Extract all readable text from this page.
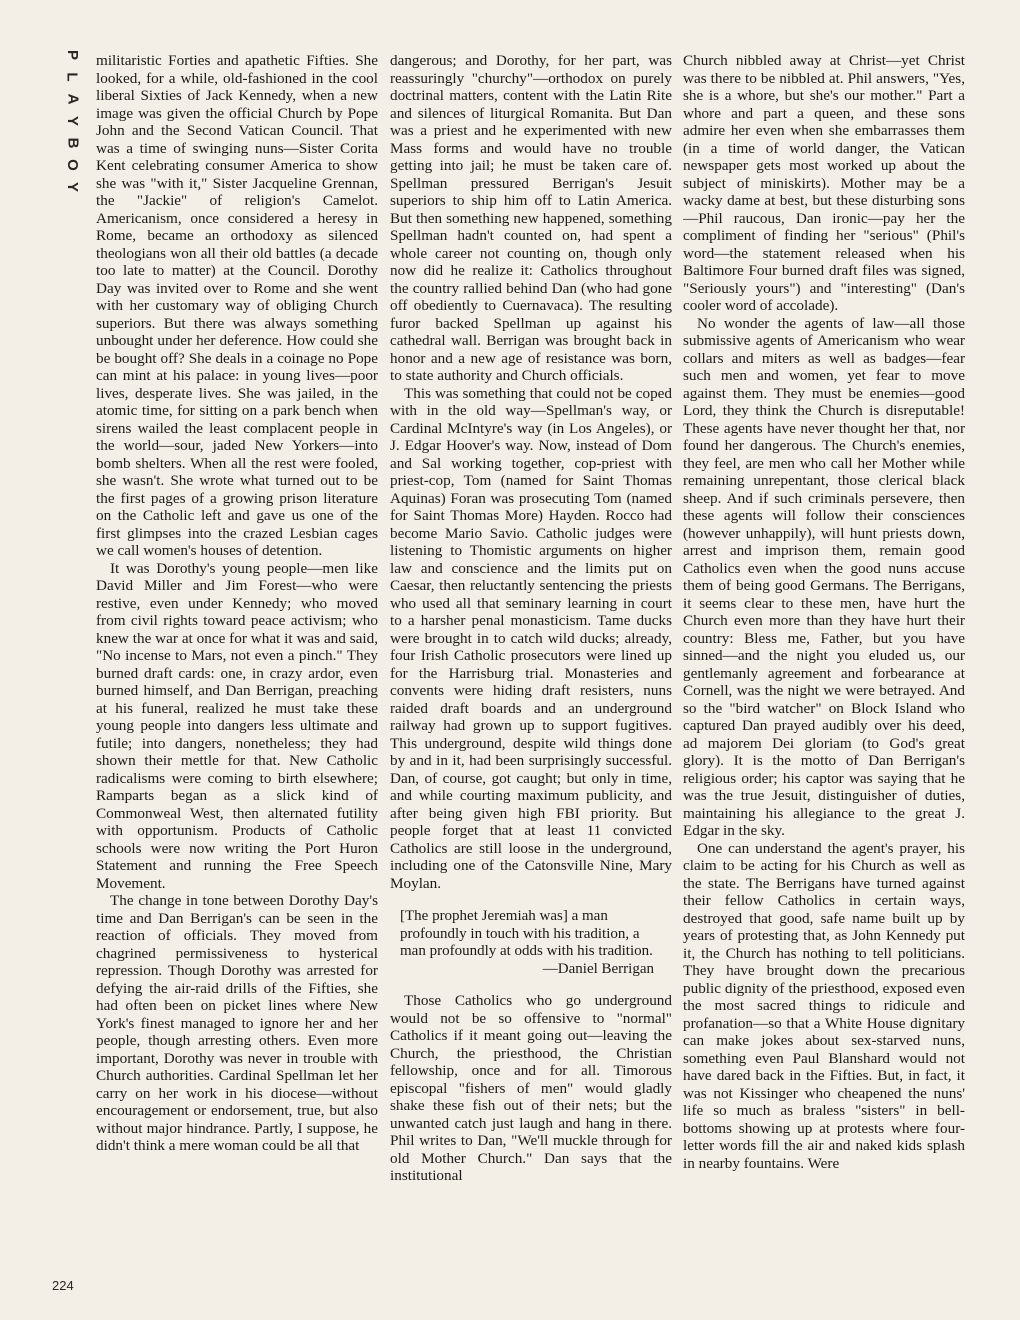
P
L
A
Y
B
O
Y
224

militaristic Forties and apathetic Fifties. She looked, for a while, old-fashioned in the cool liberal Sixties of Jack Kennedy, when a new image was given the official Church by Pope John and the Second Vatican Council. That was a time of swinging nuns—Sister Corita Kent celebrating consumer America to show she was "with it," Sister Jacqueline Grennan, the "Jackie" of religion's Camelot. Americanism, once considered a heresy in Rome, became an orthodoxy as silenced theologians won all their old battles (a decade too late to matter) at the Council. Dorothy Day was invited over to Rome and she went with her customary way of obliging Church superiors. But there was always something unbought under her deference. How could she be bought off? She deals in a coinage no Pope can mint at his palace: in young lives—poor lives, desperate lives. She was jailed, in the atomic time, for sitting on a park bench when sirens wailed the least complacent people in the world—sour, jaded New Yorkers—into bomb shelters. When all the rest were fooled, she wasn't. She wrote what turned out to be the first pages of a growing prison literature on the Catholic left and gave us one of the first glimpses into the crazed Lesbian cages we call women's houses of detention.

It was Dorothy's young people—men like David Miller and Jim Forest—who were restive, even under Kennedy; who moved from civil rights toward peace activism; who knew the war at once for what it was and said, "No incense to Mars, not even a pinch." They burned draft cards: one, in crazy ardor, even burned himself, and Dan Berrigan, preaching at his funeral, realized he must take these young people into dangers less ultimate and futile; into dangers, nonetheless; they had shown their mettle for that. New Catholic radicalisms were coming to birth elsewhere; Ramparts began as a slick kind of Commonweal West, then alternated futility with opportunism. Products of Catholic schools were now writing the Port Huron Statement and running the Free Speech Movement.

The change in tone between Dorothy Day's time and Dan Berrigan's can be seen in the reaction of officials. They moved from chagrined permissiveness to hysterical repression. Though Dorothy was arrested for defying the air-raid drills of the Fifties, she had often been on picket lines where New York's finest managed to ignore her and her people, though arresting others. Even more important, Dorothy was never in trouble with Church authorities. Cardinal Spellman let her carry on her work in his diocese—without encouragement or endorsement, true, but also without major hindrance. Partly, I suppose, he didn't think a mere woman could be all that

dangerous; and Dorothy, for her part, was reassuringly "churchy"—orthodox on purely doctrinal matters, content with the Latin Rite and silences of liturgical Romanita. But Dan was a priest and he experimented with new Mass forms and would have no trouble getting into jail; he must be taken care of. Spellman pressured Berrigan's Jesuit superiors to ship him off to Latin America. But then something new happened, something Spellman hadn't counted on, had spent a whole career not counting on, though only now did he realize it: Catholics throughout the country rallied behind Dan (who had gone off obediently to Cuernavaca). The resulting furor backed Spellman up against his cathedral wall. Berrigan was brought back in honor and a new age of resistance was born, to state authority and Church officials.

This was something that could not be coped with in the old way—Spellman's way, or Cardinal McIntyre's way (in Los Angeles), or J. Edgar Hoover's way. Now, instead of Dom and Sal working together, cop-priest with priest-cop, Tom (named for Saint Thomas Aquinas) Foran was prosecuting Tom (named for Saint Thomas More) Hayden. Rocco had become Mario Savio. Catholic judges were listening to Thomistic arguments on higher law and conscience and the limits put on Caesar, then reluctantly sentencing the priests who used all that seminary learning in court to a harsher penal monasticism. Tame ducks were brought in to catch wild ducks; already, four Irish Catholic prosecutors were lined up for the Harrisburg trial. Monasteries and convents were hiding draft resisters, nuns raided draft boards and an underground railway had grown up to support fugitives. This underground, despite wild things done by and in it, had been surprisingly successful. Dan, of course, got caught; but only in time, and while courting maximum publicity, and after being given high FBI priority. But people forget that at least 11 convicted Catholics are still loose in the underground, including one of the Catonsville Nine, Mary Moylan.

[The prophet Jeremiah was] a man profoundly in touch with his tradition, a man profoundly at odds with his tradition.
—Daniel Berrigan

Those Catholics who go underground would not be so offensive to "normal" Catholics if it meant going out—leaving the Church, the priesthood, the Christian fellowship, once and for all. Timorous episcopal "fishers of men" would gladly shake these fish out of their nets; but the unwanted catch just laugh and hang in there. Phil writes to Dan, "We'll muckle through for old Mother Church." Dan says that the institutional

Church nibbled away at Christ—yet Christ was there to be nibbled at. Phil answers, "Yes, she is a whore, but she's our mother." Part a whore and part a queen, and these sons admire her even when she embarrasses them (in a time of world danger, the Vatican newspaper gets most worked up about the subject of miniskirts). Mother may be a wacky dame at best, but these disturbing sons—Phil raucous, Dan ironic—pay her the compliment of finding her "serious" (Phil's word—the statement released when his Baltimore Four burned draft files was signed, "Seriously yours") and "interesting" (Dan's cooler word of accolade).

No wonder the agents of law—all those submissive agents of Americanism who wear collars and miters as well as badges—fear such men and women, yet fear to move against them. They must be enemies—good Lord, they think the Church is disreputable! These agents have never thought her that, nor found her dangerous. The Church's enemies, they feel, are men who call her Mother while remaining unrepentant, those clerical black sheep. And if such criminals persevere, then these agents will follow their consciences (however unhappily), will hunt priests down, arrest and imprison them, remain good Catholics even when the good nuns accuse them of being good Germans. The Berrigans, it seems clear to these men, have hurt the Church even more than they have hurt their country: Bless me, Father, but you have sinned—and the night you eluded us, our gentlemanly agreement and forbearance at Cornell, was the night we were betrayed. And so the "bird watcher" on Block Island who captured Dan prayed audibly over his deed, ad majorem Dei gloriam (to God's great glory). It is the motto of Dan Berrigan's religious order; his captor was saying that he was the true Jesuit, distinguisher of duties, maintaining his allegiance to the great J. Edgar in the sky.

One can understand the agent's prayer, his claim to be acting for his Church as well as the state. The Berrigans have turned against their fellow Catholics in certain ways, destroyed that good, safe name built up by years of protesting that, as John Kennedy put it, the Church has nothing to tell politicians. They have brought down the precarious public dignity of the priesthood, exposed even the most sacred things to ridicule and profanation—so that a White House dignitary can make jokes about sex-starved nuns, something even Paul Blanshard would not have dared back in the Fifties. But, in fact, it was not Kissinger who cheapened the nuns' life so much as braless "sisters" in bell-bottoms showing up at protests where four-letter words fill the air and naked kids splash in nearby fountains. Were
